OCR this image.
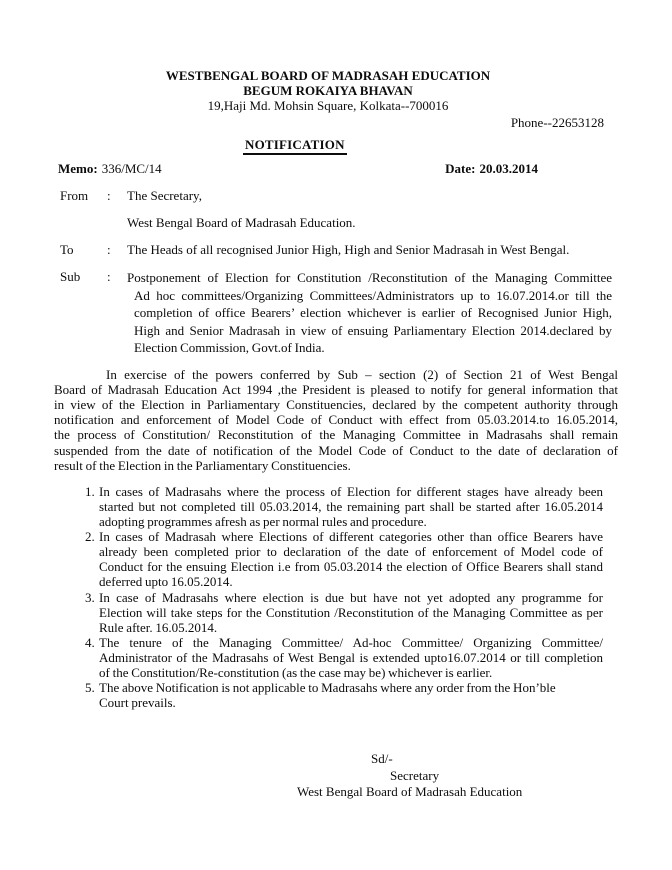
WESTBENGAL BOARD OF MADRASAH EDUCATION
BEGUM ROKAIYA BHAVAN
19,Haji Md. Mohsin Square, Kolkata--700016
Phone--22653128
NOTIFICATION
Memo: 336/MC/14	Date: 20.03.2014
From	:	The Secretary,
West Bengal Board of Madrasah Education.
To	:	The Heads of all recognised Junior High, High and Senior Madrasah in West Bengal.
Sub	:	Postponement of Election for Constitution /Reconstitution of the Managing Committee
Ad hoc committees/Organizing Committees/Administrators up to 16.07.2014.or till the
completion of office Bearers’ election whichever is earlier of Recognised Junior High,
High and Senior Madrasah in view of ensuing Parliamentary Election 2014.declared by
Election Commission, Govt.of India.
In exercise of the powers conferred by Sub – section (2) of Section 21 of West Bengal
Board of Madrasah Education Act 1994 ,the President is pleased to notify for general information that
in view of the Election in Parliamentary Constituencies, declared by the competent authority through
notification and enforcement of Model Code of Conduct with effect from 05.03.2014.to 16.05.2014,
the process of Constitution/ Reconstitution of the Managing Committee in Madrasahs shall remain
suspended from the date of notification of the Model Code of Conduct to the date of declaration of
result of the Election in the Parliamentary Constituencies.
1. In cases of Madrasahs where the process of Election for different stages have already been
started but not completed till 05.03.2014, the remaining part shall be started after 16.05.2014
adopting programmes afresh as per normal rules and procedure.
2. In cases of Madrasah where Elections of different categories other than office Bearers have
already been completed prior to declaration of the date of enforcement of Model code of
Conduct for the ensuing Election i.e from 05.03.2014 the election of Office Bearers shall stand
deferred upto 16.05.2014.
3. In case of Madrasahs where election is due but have not yet adopted any programme for
Election will take steps for the Constitution /Reconstitution of the Managing Committee as per
Rule after. 16.05.2014.
4. The tenure of the Managing Committee/ Ad-hoc Committee/ Organizing Committee/
Administrator of the Madrasahs of West Bengal is extended upto16.07.2014 or till completion
of the Constitution/Re-constitution (as the case may be) whichever is earlier.
5. The above Notification is not applicable to Madrasahs where any order from the Hon’ble
Court prevails.
Sd/-
Secretary
West Bengal Board of Madrasah Education
